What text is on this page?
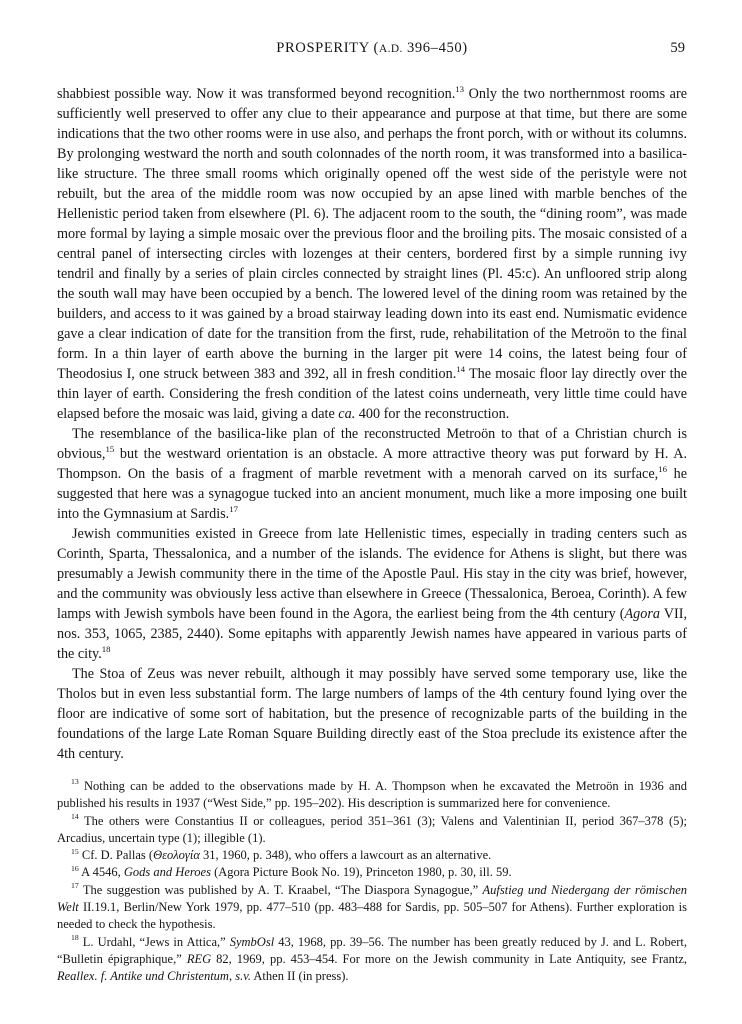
PROSPERITY (A.D. 396–450)	59

shabbiest possible way. Now it was transformed beyond recognition.$^{13}$ Only the two northernmost rooms are sufficiently well preserved to offer any clue to their appearance and purpose at that time, but there are some indications that the two other rooms were in use also, and perhaps the front porch, with or without its columns. By prolonging westward the north and south colonnades of the north room, it was transformed into a basilica-like structure. The three small rooms which originally opened off the west side of the peristyle were not rebuilt, but the area of the middle room was now occupied by an apse lined with marble benches of the Hellenistic period taken from elsewhere (Pl. 6). The adjacent room to the south, the “dining room”, was made more formal by laying a simple mosaic over the previous floor and the broiling pits. The mosaic consisted of a central panel of intersecting circles with lozenges at their centers, bordered first by a simple running ivy tendril and finally by a series of plain circles connected by straight lines (Pl. 45:c). An unfloored strip along the south wall may have been occupied by a bench. The lowered level of the dining room was retained by the builders, and access to it was gained by a broad stairway leading down into its east end. Numismatic evidence gave a clear indication of date for the transition from the first, rude, rehabilitation of the Metroön to the final form. In a thin layer of earth above the burning in the larger pit were 14 coins, the latest being four of Theodosius I, one struck between 383 and 392, all in fresh condition.$^{14}$ The mosaic floor lay directly over the thin layer of earth. Considering the fresh condition of the latest coins underneath, very little time could have elapsed before the mosaic was laid, giving a date ca. 400 for the reconstruction.

The resemblance of the basilica-like plan of the reconstructed Metroön to that of a Christian church is obvious,$^{15}$ but the westward orientation is an obstacle. A more attractive theory was put forward by H. A. Thompson. On the basis of a fragment of marble revetment with a menorah carved on its surface,$^{16}$ he suggested that here was a synagogue tucked into an ancient monument, much like a more imposing one built into the Gymnasium at Sardis.$^{17}$

Jewish communities existed in Greece from late Hellenistic times, especially in trading centers such as Corinth, Sparta, Thessalonica, and a number of the islands. The evidence for Athens is slight, but there was presumably a Jewish community there in the time of the Apostle Paul. His stay in the city was brief, however, and the community was obviously less active than elsewhere in Greece (Thessalonica, Beroea, Corinth). A few lamps with Jewish symbols have been found in the Agora, the earliest being from the 4th century (Agora VII, nos. 353, 1065, 2385, 2440). Some epitaphs with apparently Jewish names have appeared in various parts of the city.$^{18}$

The Stoa of Zeus was never rebuilt, although it may possibly have served some temporary use, like the Tholos but in even less substantial form. The large numbers of lamps of the 4th century found lying over the floor are indicative of some sort of habitation, but the presence of recognizable parts of the building in the foundations of the large Late Roman Square Building directly east of the Stoa preclude its existence after the 4th century.

$^{13}$ Nothing can be added to the observations made by H. A. Thompson when he excavated the Metroön in 1936 and published his results in 1937 (“West Side,” pp. 195–202). His description is summarized here for convenience.

$^{14}$ The others were Constantius II or colleagues, period 351–361 (3); Valens and Valentinian II, period 367–378 (5); Arcadius, uncertain type (1); illegible (1).

$^{15}$ Cf. D. Pallas (Θεολογία 31, 1960, p. 348), who offers a lawcourt as an alternative.

$^{16}$ A 4546, Gods and Heroes (Agora Picture Book No. 19), Princeton 1980, p. 30, ill. 59.

$^{17}$ The suggestion was published by A. T. Kraabel, “The Diaspora Synagogue,” Aufstieg und Niedergang der römischen Welt II.19.1, Berlin/New York 1979, pp. 477–510 (pp. 483–488 for Sardis, pp. 505–507 for Athens). Further exploration is needed to check the hypothesis.

$^{18}$ L. Urdahl, “Jews in Attica,” SymbOsl 43, 1968, pp. 39–56. The number has been greatly reduced by J. and L. Robert, “Bulletin épigraphique,” REG 82, 1969, pp. 453–454. For more on the Jewish community in Late Antiquity, see Frantz, Reallex. f. Antike und Christentum, s.v. Athen II (in press).
